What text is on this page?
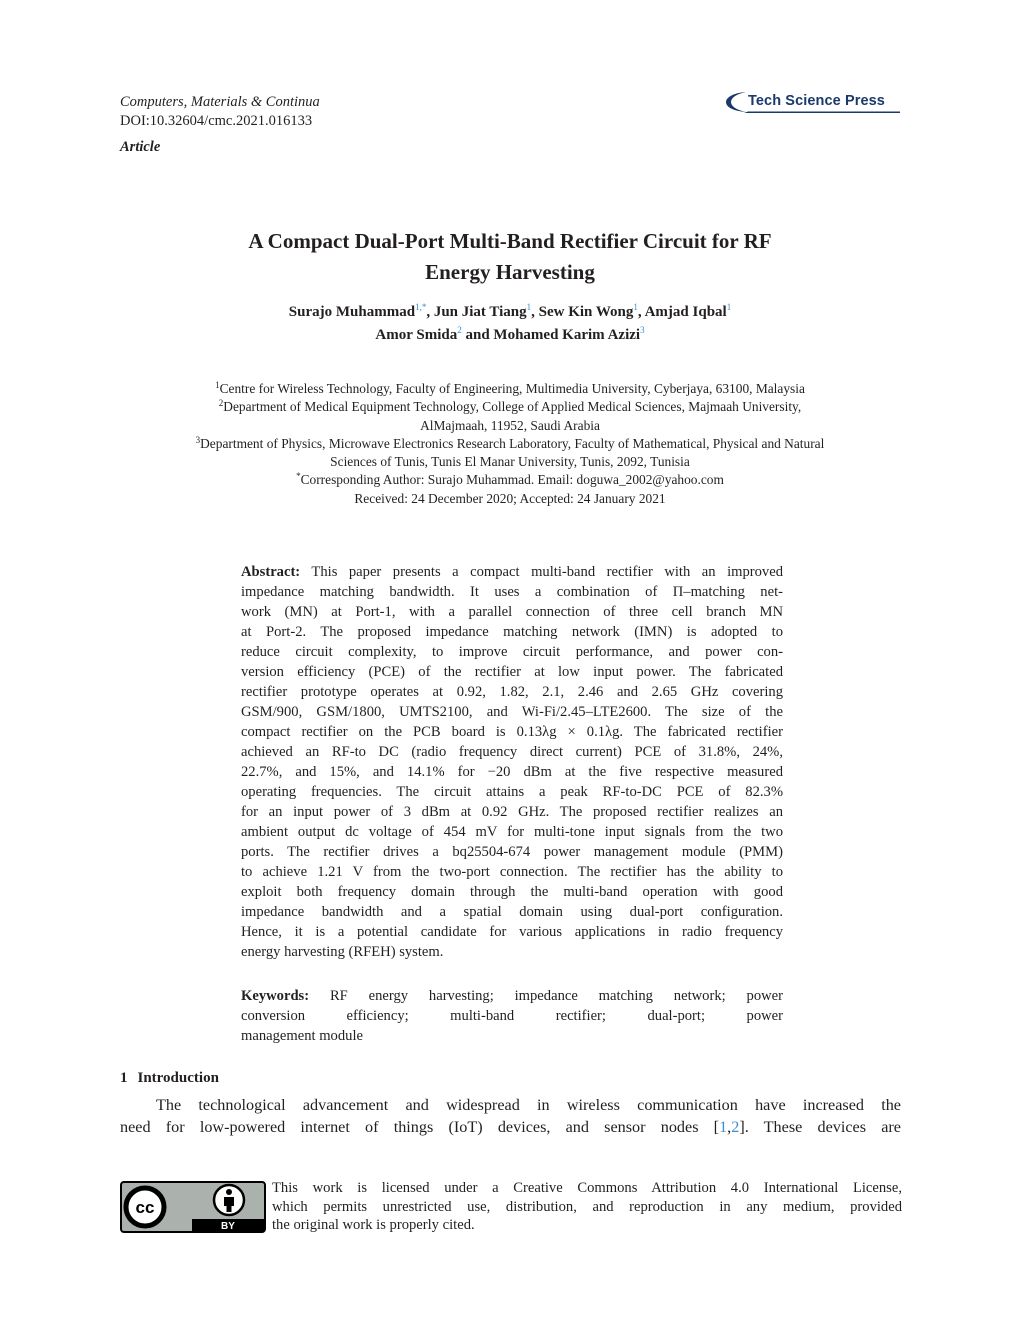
Computers, Materials & Continua
DOI:10.32604/cmc.2021.016133
Article
Tech Science Press
A Compact Dual-Port Multi-Band Rectifier Circuit for RF
Energy Harvesting
Surajo Muhammad$^{1,*}$, Jun Jiat Tiang$^1$, Sew Kin Wong$^1$, Amjad Iqbal$^1$
Amor Smida$^2$ and Mohamed Karim Azizi$^3$
$^1$Centre for Wireless Technology, Faculty of Engineering, Multimedia University, Cyberjaya, 63100, Malaysia
$^2$Department of Medical Equipment Technology, College of Applied Medical Sciences, Majmaah University,
AlMajmaah, 11952, Saudi Arabia
$^3$Department of Physics, Microwave Electronics Research Laboratory, Faculty of Mathematical, Physical and Natural
Sciences of Tunis, Tunis El Manar University, Tunis, 2092, Tunisia
*Corresponding Author: Surajo Muhammad. Email: doguwa_2002@yahoo.com
Received: 24 December 2020; Accepted: 24 January 2021
Abstract: This paper presents a compact multi-band rectifier with an improved
impedance matching bandwidth. It uses a combination of Π–matching net-
work (MN) at Port-1, with a parallel connection of three cell branch MN
at Port-2. The proposed impedance matching network (IMN) is adopted to
reduce circuit complexity, to improve circuit performance, and power con-
version efficiency (PCE) of the rectifier at low input power. The fabricated
rectifier prototype operates at 0.92, 1.82, 2.1, 2.46 and 2.65 GHz covering
GSM/900, GSM/1800, UMTS2100, and Wi-Fi/2.45–LTE2600. The size of the
compact rectifier on the PCB board is 0.13λg × 0.1λg. The fabricated rectifier
achieved an RF-to DC (radio frequency direct current) PCE of 31.8%, 24%,
22.7%, and 15%, and 14.1% for −20 dBm at the five respective measured
operating frequencies. The circuit attains a peak RF-to-DC PCE of 82.3%
for an input power of 3 dBm at 0.92 GHz. The proposed rectifier realizes an
ambient output dc voltage of 454 mV for multi-tone input signals from the two
ports. The rectifier drives a bq25504-674 power management module (PMM)
to achieve 1.21 V from the two-port connection. The rectifier has the ability to
exploit both frequency domain through the multi-band operation with good
impedance bandwidth and a spatial domain using dual-port configuration.
Hence, it is a potential candidate for various applications in radio frequency
energy harvesting (RFEH) system.
Keywords: RF energy harvesting; impedance matching network; power
conversion efficiency; multi-band rectifier; dual-port; power
management module
1 Introduction
The technological advancement and widespread in wireless communication have increased the
need for low-powered internet of things (IoT) devices, and sensor nodes [1,2]. These devices are
cc
BY
This work is licensed under a Creative Commons Attribution 4.0 International License,
which permits unrestricted use, distribution, and reproduction in any medium, provided
the original work is properly cited.
